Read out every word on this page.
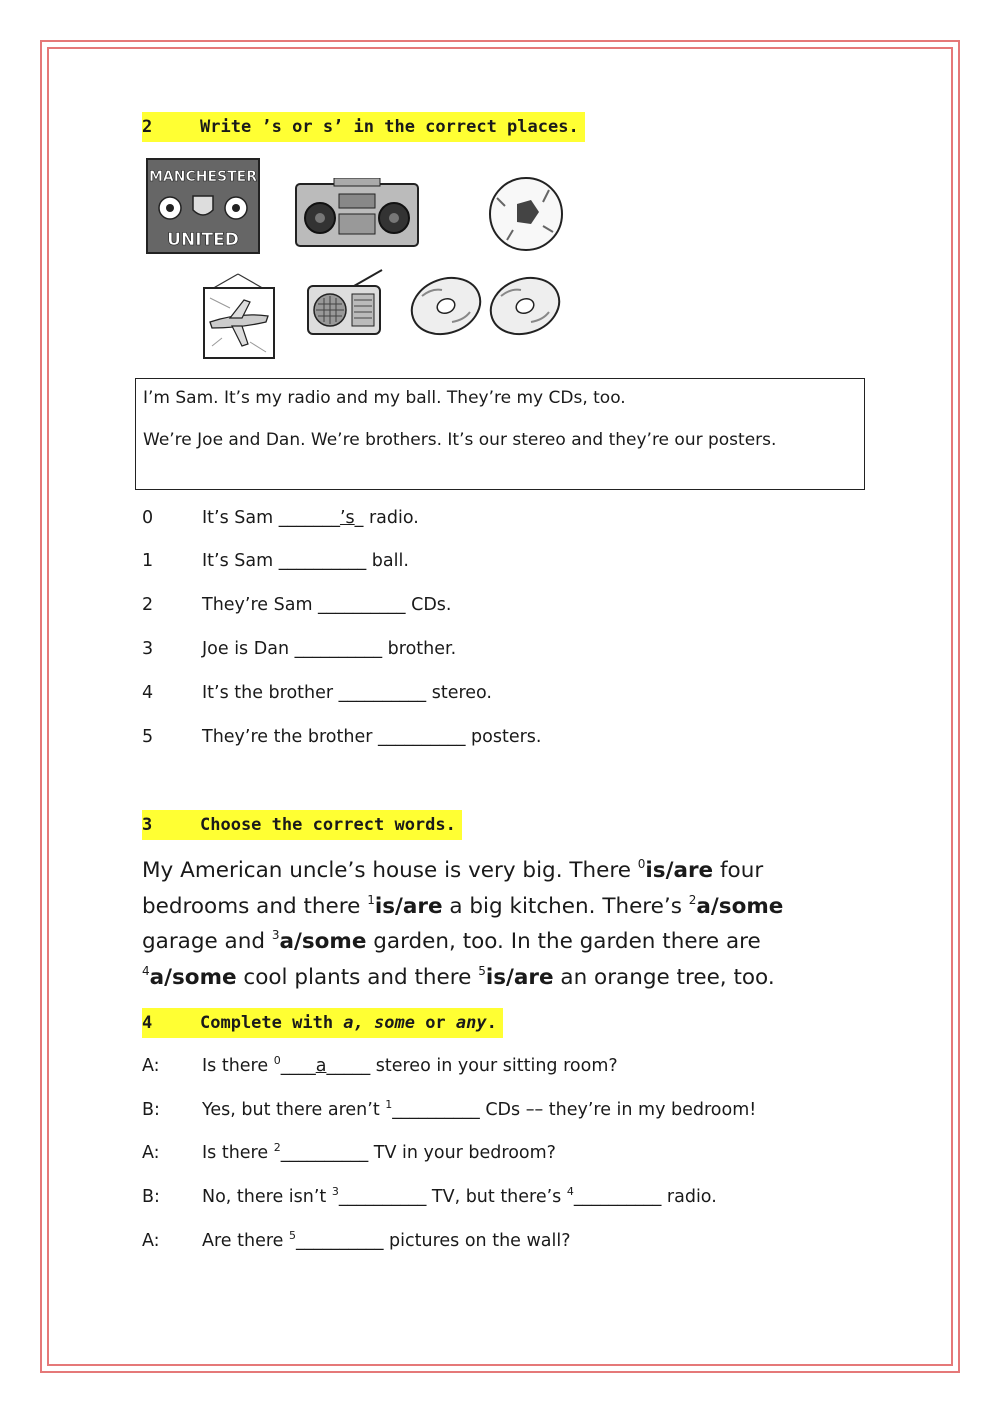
2	Write ’s or s’ in the correct places.
MANCHESTER
UNITED

I’m Sam. It’s my radio and my ball. They’re my CDs, too.

We’re Joe and Dan. We’re brothers. It’s our stereo and they’re our posters.

0	It’s Sam _______’s_ radio.
1	It’s Sam __________ ball.
2	They’re Sam __________ CDs.
3	Joe is Dan __________ brother.
4	It’s the brother __________ stereo.
5	They’re the brother __________ posters.
3	Choose the correct words.
My American uncle’s house is very big. There $^0$is/are four bedrooms and there $^1$is/are a big kitchen. There’s $^2$a/some garage and $^3$a/some garden, too. In the garden there are $^4$a/some cool plants and there $^5$is/are an orange tree, too.
4	Complete with a, some or any.
A: Is there $^0$____a_____ stereo in your sitting room?
B: Yes, but there aren’t $^1$__________ CDs –– they’re in my bedroom!
A: Is there $^2$__________ TV in your bedroom?
B: No, there isn’t $^3$__________ TV, but there’s $^4$__________ radio.
A: Are there $^5$__________ pictures on the wall?
